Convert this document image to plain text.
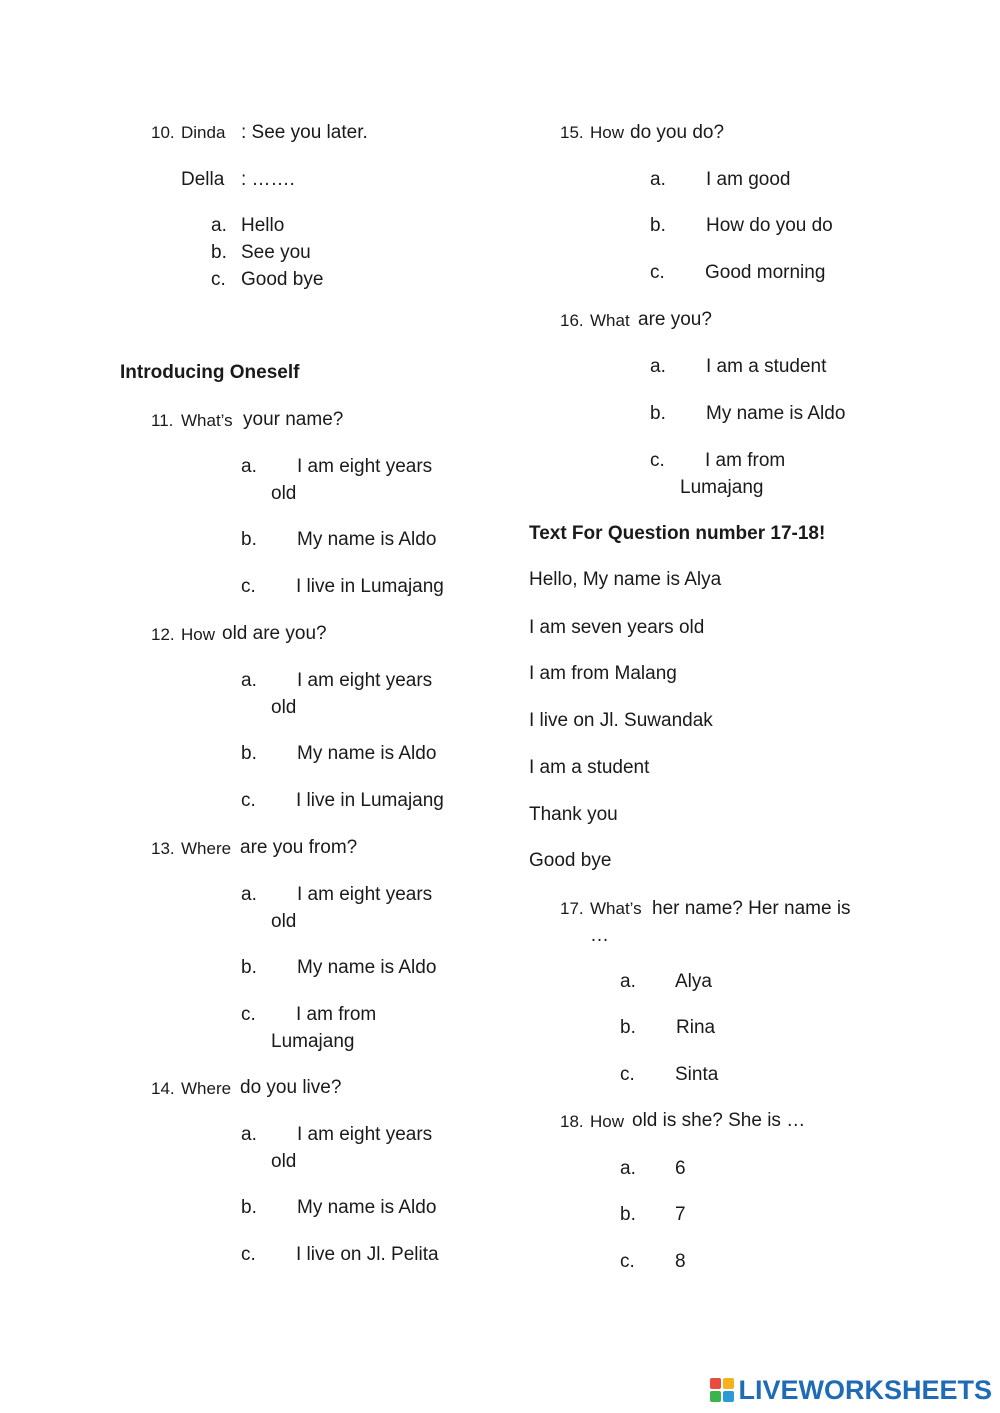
10. Dinda : See you later.
Della : …….
a. Hello
b. See you
c. Good bye
Introducing Oneself
11. What’s your name?
a. I am eight years
old
b. My name is Aldo
c. I live in Lumajang
12. How old are you?
a. I am eight years
old
b. My name is Aldo
c. I live in Lumajang
13. Where are you from?
a. I am eight years
old
b. My name is Aldo
c. I am from
Lumajang
14. Where do you live?
a. I am eight years
old
b. My name is Aldo
c. I live on Jl. Pelita
15. How do you do?
a. I am good
b. How do you do
c. Good morning
16. What are you?
a. I am a student
b. My name is Aldo
c. I am from
Lumajang
Text For Question number 17-18!
Hello, My name is Alya
I am seven years old
I am from Malang
I live on Jl. Suwandak
I am a student
Thank you
Good bye
17. What’s her name? Her name is
…
a. Alya
b. Rina
c. Sinta
18. How old is she? She is …
a. 6
b. 7
c. 8
LIVEWORKSHEETS
